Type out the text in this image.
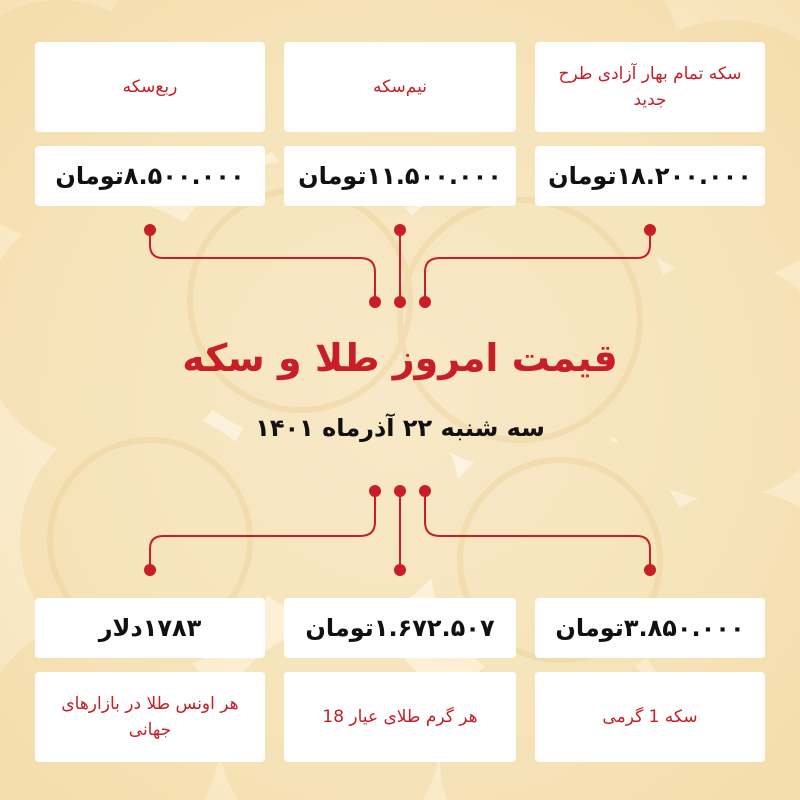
سکه تمام بهار آزادی طرح جدید
نیم‌سکه
ربع‌سکه
۱۸.۲۰۰.۰۰۰تومان
۱۱.۵۰۰.۰۰۰تومان
۸.۵۰۰.۰۰۰تومان
قیمت امروز طلا و سکه
سه شنبه ۲۲ آذرماه ۱۴۰۱
۳.۸۵۰.۰۰۰تومان
۱.۶۷۲.۵۰۷تومان
۱۷۸۳دلار
سکه 1 گرمی
هر گرم طلای عیار 18
هر اونس طلا در بازارهای جهانی
